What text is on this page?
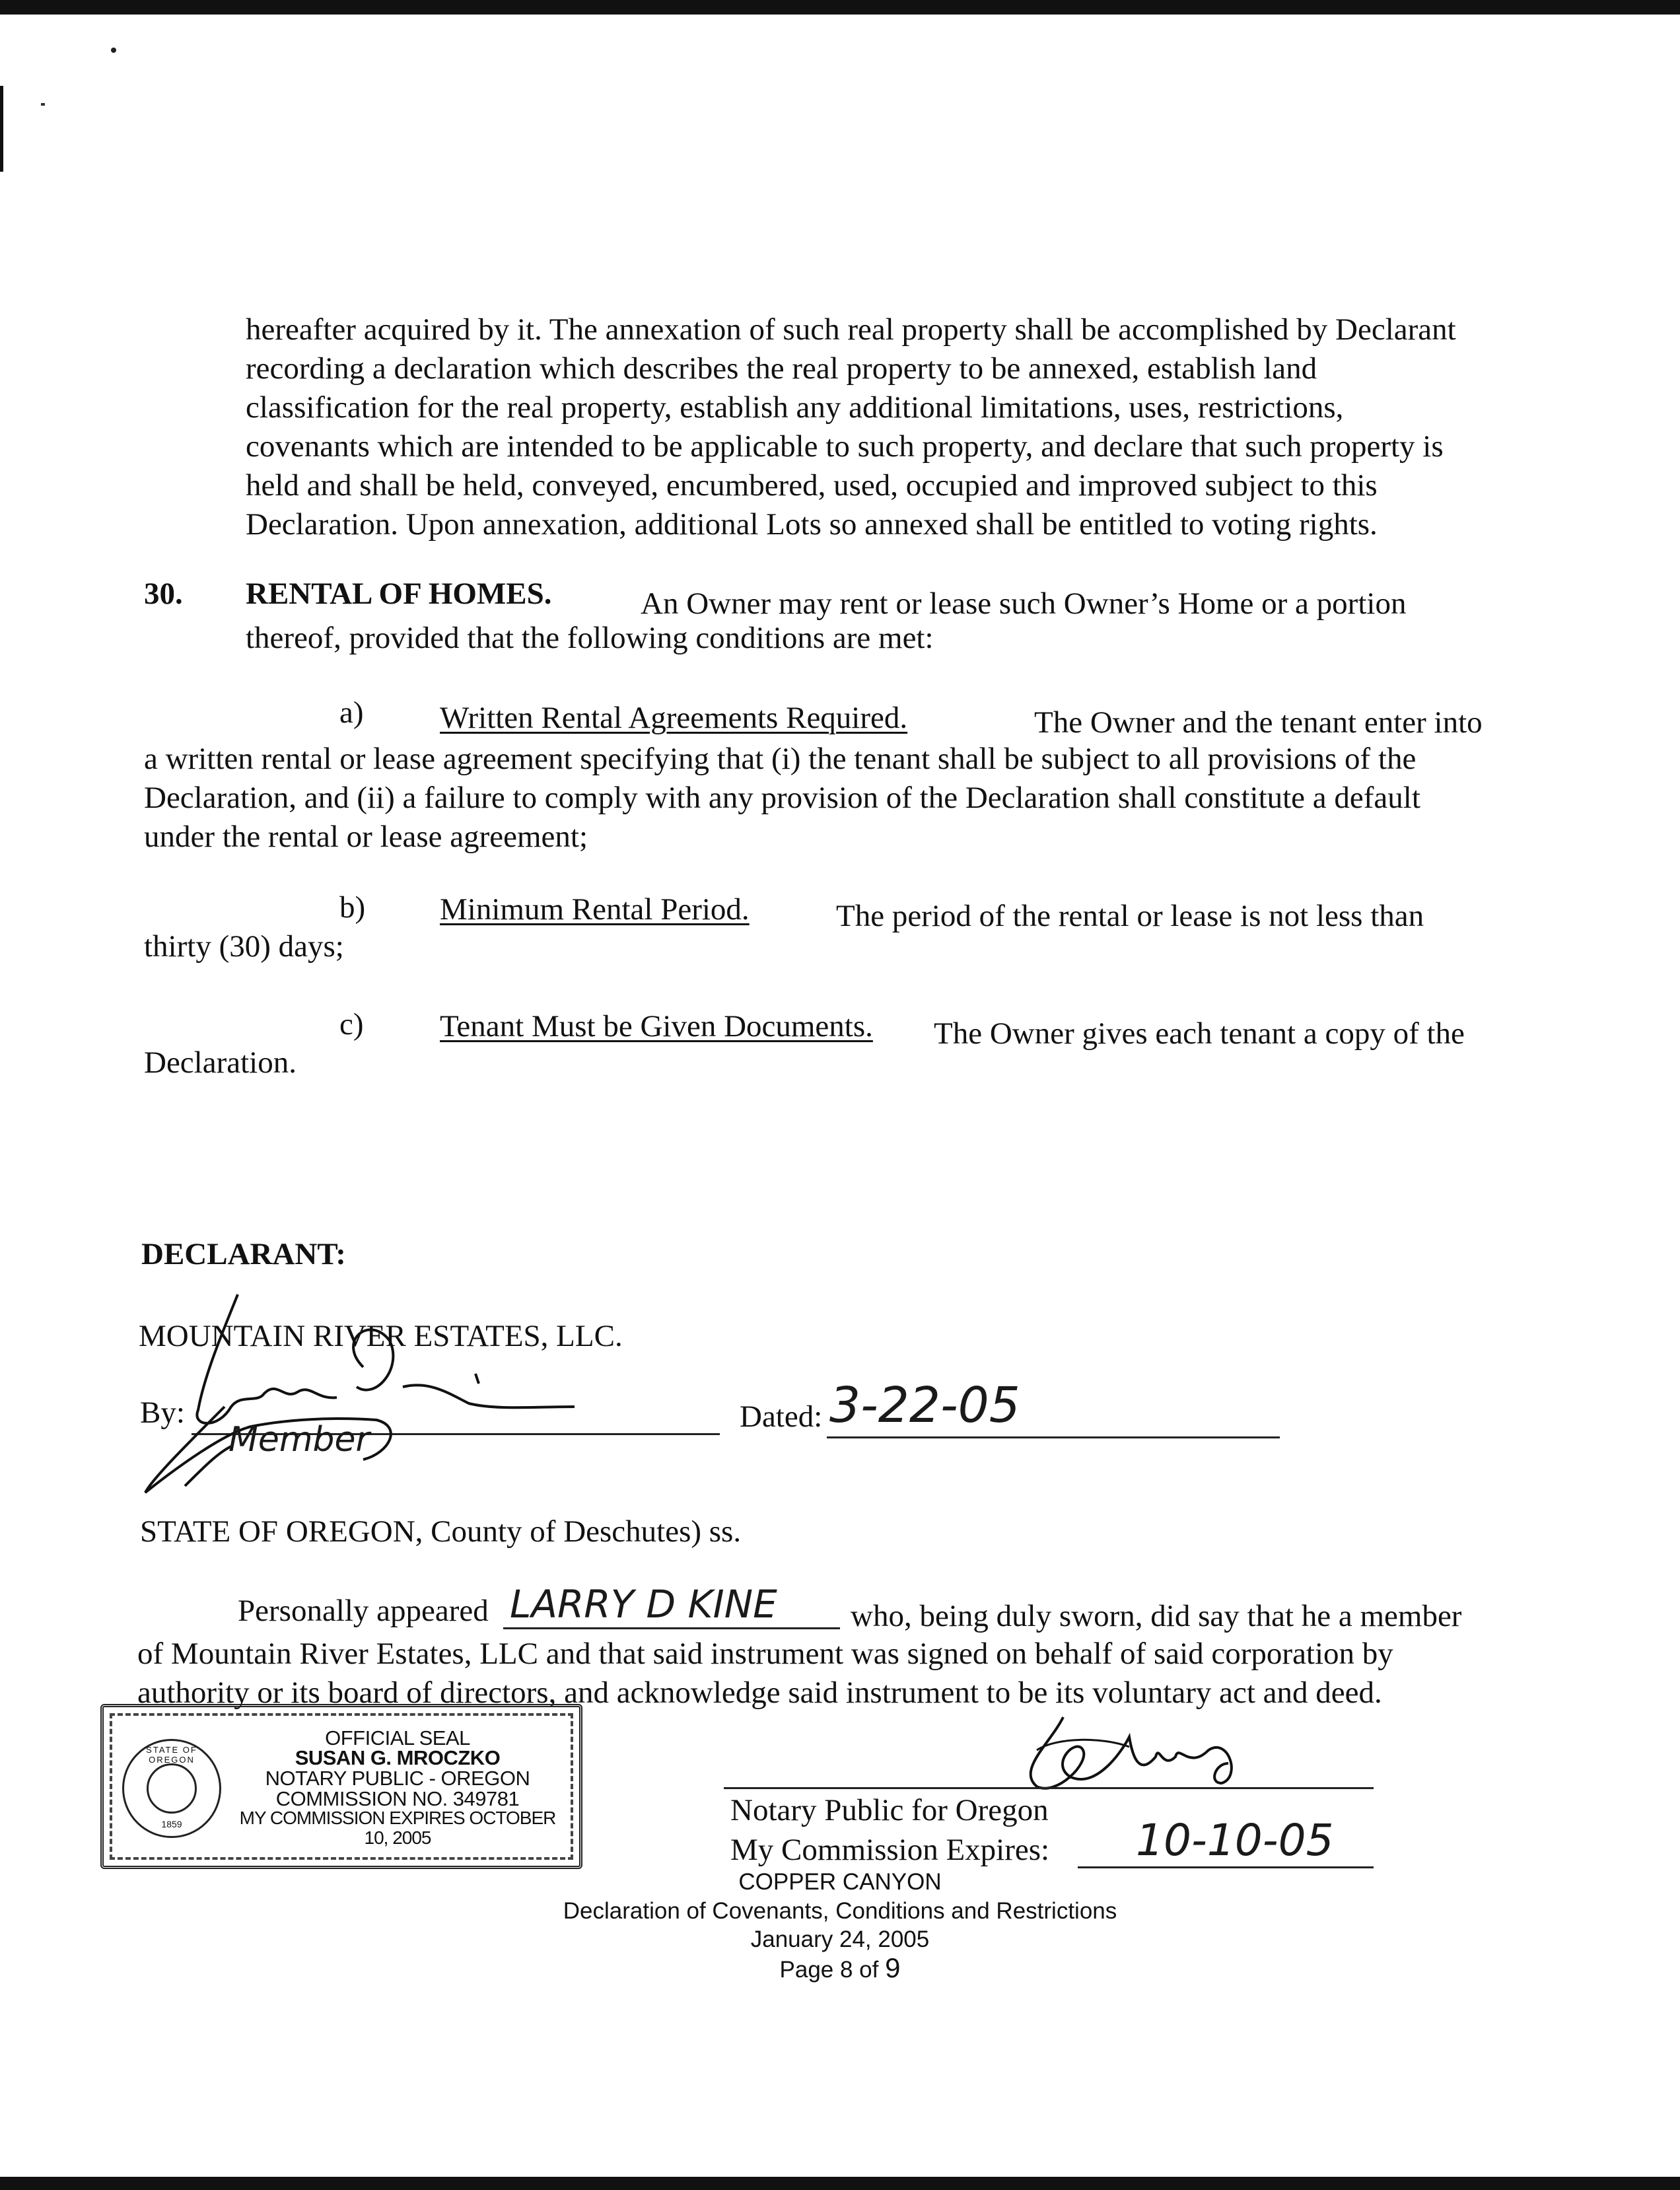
hereafter acquired by it. The annexation of such real property shall be accomplished by Declarant
recording a declaration which describes the real property to be annexed, establish land
classification for the real property, establish any additional limitations, uses, restrictions,
covenants which are intended to be applicable to such property, and declare that such property is
held and shall be held, conveyed, encumbered, used, occupied and improved subject to this
Declaration. Upon annexation, additional Lots so annexed shall be entitled to voting rights.
30. RENTAL OF HOMES.	An Owner may rent or lease such Owner’s Home or a portion
thereof, provided that the following conditions are met:
a) Written Rental Agreements Required.	The Owner and the tenant enter into
a written rental or lease agreement specifying that (i) the tenant shall be subject to all provisions of the
Declaration, and (ii) a failure to comply with any provision of the Declaration shall constitute a default
under the rental or lease agreement;
b) Minimum Rental Period.	The period of the rental or lease is not less than
thirty (30) days;
c) Tenant Must be Given Documents. The Owner gives each tenant a copy of the
Declaration.
DECLARANT:
MOUNTAIN RIVER ESTATES, LLC.
By:	Dated: 3-22-05
Member
STATE OF OREGON, County of Deschutes) ss.
Personally appeared LARRY D KINE who, being duly sworn, did say that he a member
of Mountain River Estates, LLC and that said instrument was signed on behalf of said corporation by
authority or its board of directors, and acknowledge said instrument to be its voluntary act and deed.
Notary Public for Oregon
My Commission Expires: 10-10-05
STATE OF OREGON
1859
OFFICIAL SEAL
SUSAN G. MROCZKO
NOTARY PUBLIC - OREGON
COMMISSION NO. 349781
MY COMMISSION EXPIRES OCTOBER 10, 2005
COPPER CANYON
Declaration of Covenants, Conditions and Restrictions
January 24, 2005
Page 8 of 9
